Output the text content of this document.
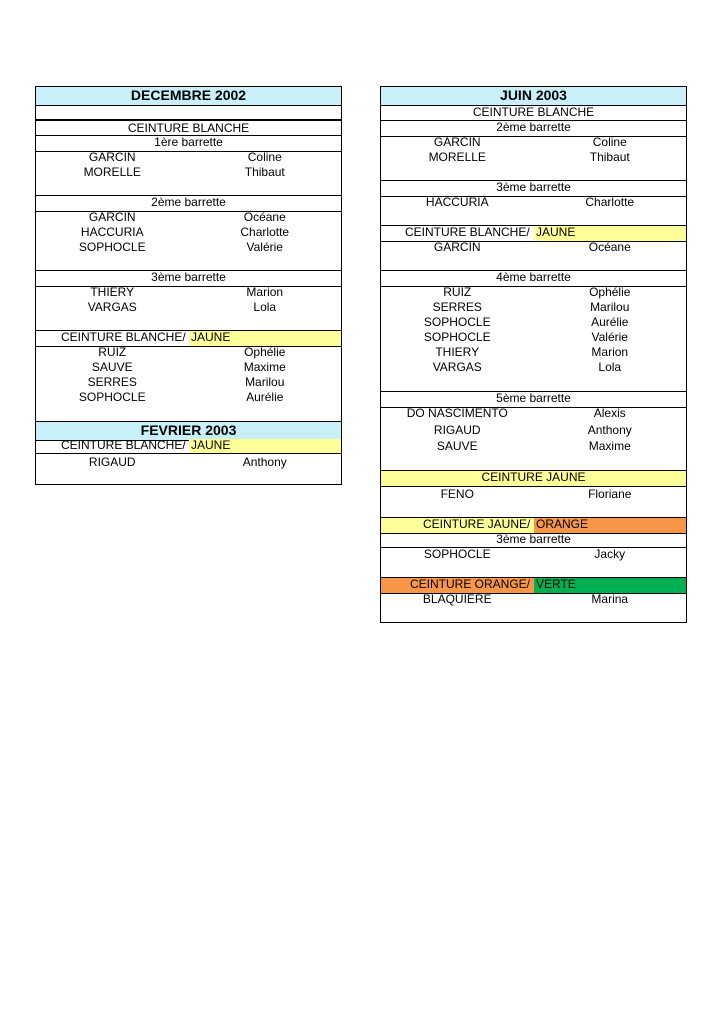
DECEMBRE 2002
CEINTURE BLANCHE
1ère barrette
GARCIN	Coline
MORELLE	Thibaut
2ème barrette
GARCIN	Océane
HACCURIA	Charlotte
SOPHOCLE	Valérie
3ème barrette
THIERY	Marion
VARGAS	Lola
CEINTURE BLANCHE/ JAUNE
RUIZ	Ophélie
SAUVE	Maxime
SERRES	Marilou
SOPHOCLE	Aurélie
FEVRIER 2003
CEINTURE BLANCHE/ JAUNE
RIGAUD	Anthony
JUIN 2003
CEINTURE BLANCHE
2ème barrette
GARCIN	Coline
MORELLE	Thibaut
3ème barrette
HACCURIA	Charlotte
CEINTURE BLANCHE/ JAUNE
GARCIN	Océane
4ème barrette
RUIZ	Ophélie
SERRES	Marilou
SOPHOCLE	Aurélie
SOPHOCLE	Valérie
THIERY	Marion
VARGAS	Lola
5ème barrette
DO NASCIMENTO	Alexis
RIGAUD	Anthony
SAUVE	Maxime
CEINTURE JAUNE
FENO	Floriane
CEINTURE JAUNE/ ORANGE
3ème barrette
SOPHOCLE	Jacky
CEINTURE ORANGE/ VERTE
BLAQUIERE	Marina
